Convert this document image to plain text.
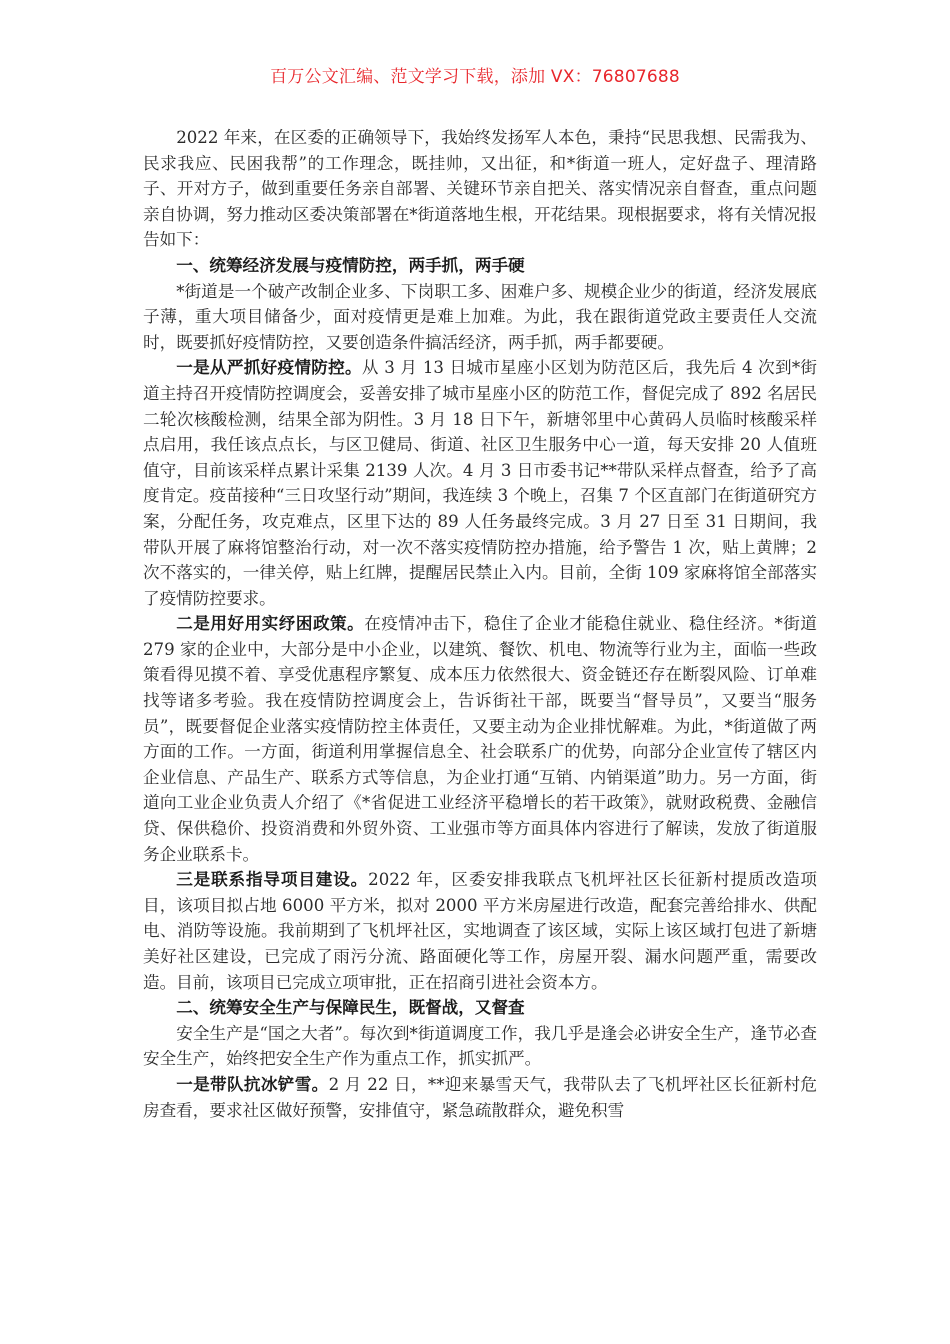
百万公文汇编、范文学习下载，添加 VX：76807688

2022 年来，在区委的正确领导下，我始终发扬军人本色，秉持“民思我想、民需我为、民求我应、民困我帮”的工作理念，既挂帅，又出征，和*街道一班人，定好盘子、理清路子、开对方子，做到重要任务亲自部署、关键环节亲自把关、落实情况亲自督查，重点问题亲自协调，努力推动区委决策部署在*街道落地生根，开花结果。现根据要求，将有关情况报告如下：

一、统筹经济发展与疫情防控，两手抓，两手硬

*街道是一个破产改制企业多、下岗职工多、困难户多、规模企业少的街道，经济发展底子薄，重大项目储备少，面对疫情更是难上加难。为此，我在跟街道党政主要责任人交流时，既要抓好疫情防控，又要创造条件搞活经济，两手抓，两手都要硬。

一是从严抓好疫情防控。从 3 月 13 日城市星座小区划为防范区后，我先后 4 次到*街道主持召开疫情防控调度会，妥善安排了城市星座小区的防范工作，督促完成了 892 名居民二轮次核酸检测，结果全部为阴性。3 月 18 日下午，新塘邻里中心黄码人员临时核酸采样点启用，我任该点点长，与区卫健局、街道、社区卫生服务中心一道，每天安排 20 人值班值守，目前该采样点累计采集 2139 人次。4 月 3 日市委书记**带队采样点督查，给予了高度肯定。疫苗接种“三日攻坚行动”期间，我连续 3 个晚上，召集 7 个区直部门在街道研究方案，分配任务，攻克难点，区里下达的 89 人任务最终完成。3 月 27 日至 31 日期间，我带队开展了麻将馆整治行动，对一次不落实疫情防控办措施，给予警告 1 次，贴上黄牌；2 次不落实的，一律关停，贴上红牌，提醒居民禁止入内。目前，全街 109 家麻将馆全部落实了疫情防控要求。

二是用好用实纾困政策。在疫情冲击下，稳住了企业才能稳住就业、稳住经济。*街道 279 家的企业中，大部分是中小企业，以建筑、餐饮、机电、物流等行业为主，面临一些政策看得见摸不着、享受优惠程序繁复、成本压力依然很大、资金链还存在断裂风险、订单难找等诸多考验。我在疫情防控调度会上，告诉街社干部，既要当“督导员”，又要当“服务员”，既要督促企业落实疫情防控主体责任，又要主动为企业排忧解难。为此，*街道做了两方面的工作。一方面，街道利用掌握信息全、社会联系广的优势，向部分企业宣传了辖区内企业信息、产品生产、联系方式等信息，为企业打通“互销、内销渠道”助力。另一方面，街道向工业企业负责人介绍了《*省促进工业经济平稳增长的若干政策》，就财政税费、金融信贷、保供稳价、投资消费和外贸外资、工业强市等方面具体内容进行了解读，发放了街道服务企业联系卡。

三是联系指导项目建设。2022 年，区委安排我联点飞机坪社区长征新村提质改造项目，该项目拟占地 6000 平方米，拟对 2000 平方米房屋进行改造，配套完善给排水、供配电、消防等设施。我前期到了飞机坪社区，实地调查了该区域，实际上该区域打包进了新塘美好社区建设，已完成了雨污分流、路面硬化等工作，房屋开裂、漏水问题严重，需要改造。目前，该项目已完成立项审批，正在招商引进社会资本方。

二、统筹安全生产与保障民生，既督战，又督查

安全生产是“国之大者”。每次到*街道调度工作，我几乎是逢会必讲安全生产，逢节必查安全生产，始终把安全生产作为重点工作，抓实抓严。

一是带队抗冰铲雪。2 月 22 日，**迎来暴雪天气，我带队去了飞机坪社区长征新村危房查看，要求社区做好预警，安排值守，紧急疏散群众，避免积雪
